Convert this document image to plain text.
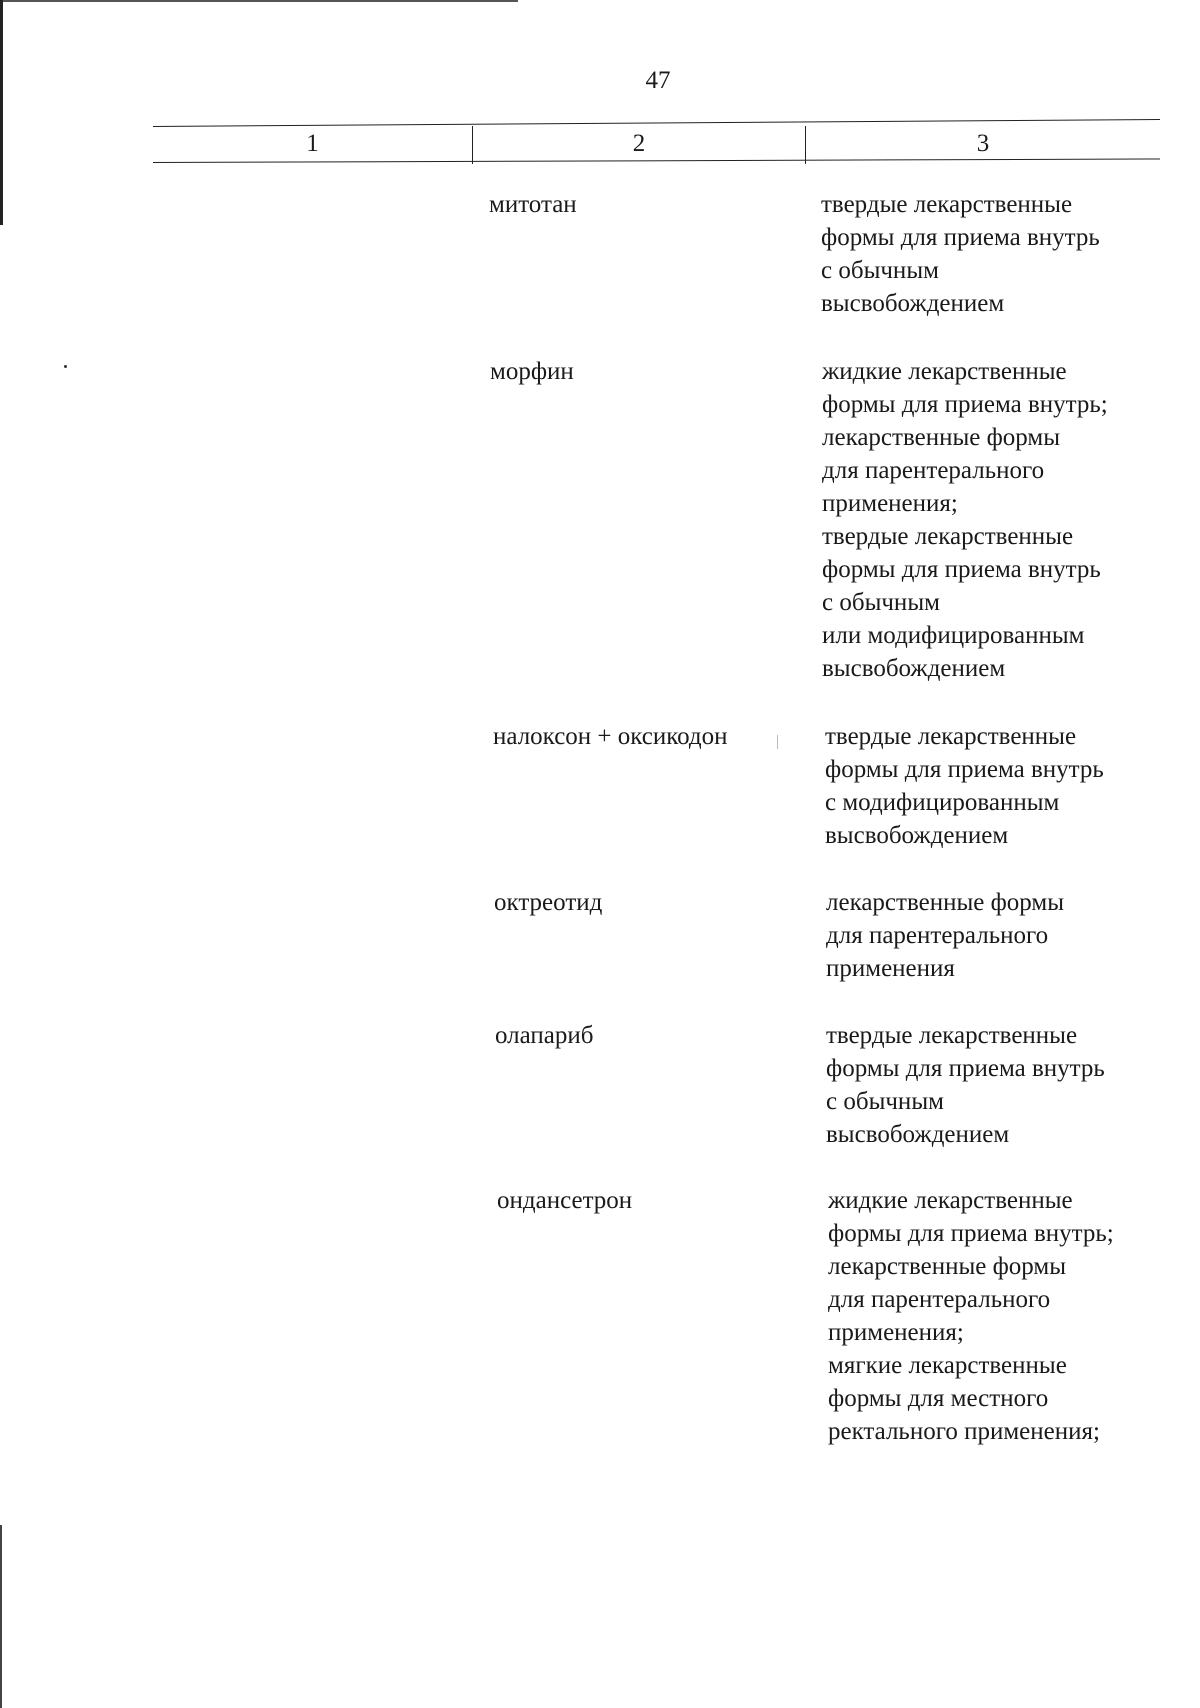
47
1	2	3
митотан	твердые лекарственные
формы для приема внутрь
с обычным
высвобождением
морфин	жидкие лекарственные
формы для приема внутрь;
лекарственные формы
для парентерального
применения;
твердые лекарственные
формы для приема внутрь
с обычным
или модифицированным
высвобождением
налоксон + оксикодон	твердые лекарственные
формы для приема внутрь
с модифицированным
высвобождением
октреотид	лекарственные формы
для парентерального
применения
олапариб	твердые лекарственные
формы для приема внутрь
с обычным
высвобождением
ондансетрон	жидкие лекарственные
формы для приема внутрь;
лекарственные формы
для парентерального
применения;
мягкие лекарственные
формы для местного
ректального применения;
